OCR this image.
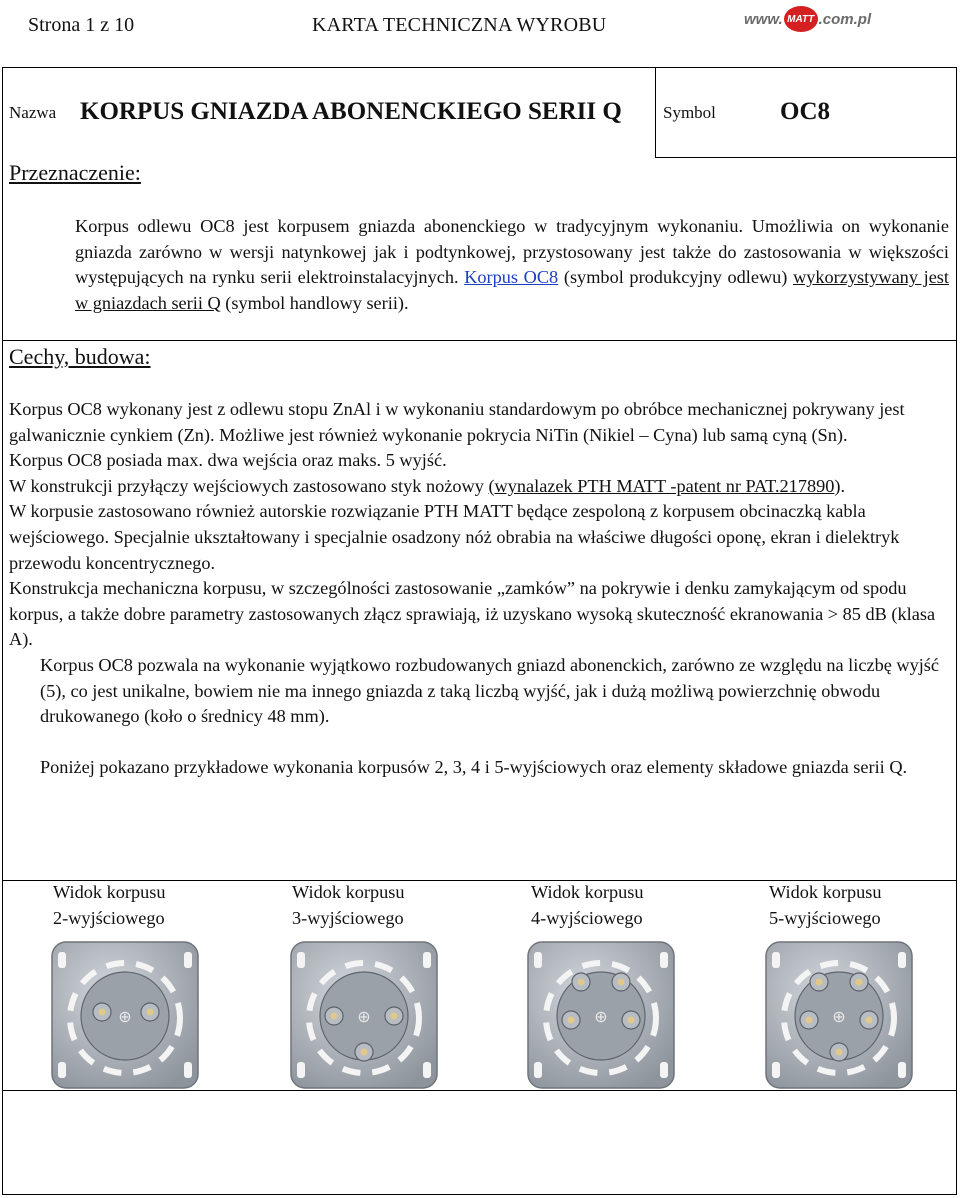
Strona 1 z 10	KARTA TECHNICZNA WYROBU	www. MATT .com.pl
Nazwa KORPUS GNIAZDA ABONENCKIEGO SERII Q Symbol	OC8
Przeznaczenie:

Korpus odlewu OC8 jest korpusem gniazda abonenckiego w tradycyjnym wykonaniu. Umożliwia on wykonanie gniazda zarówno w wersji natynkowej jak i podtynkowej, przystosowany jest także do zastosowania w większości występujących na rynku serii elektroinstalacyjnych. Korpus OC8 (symbol produkcyjny odlewu) wykorzystywany jest w gniazdach serii Q (symbol handlowy serii).

Cechy, budowa:

Korpus OC8 wykonany jest z odlewu stopu ZnAl i w wykonaniu standardowym po obróbce mechanicznej pokrywany jest galwanicznie cynkiem (Zn). Możliwe jest również wykonanie pokrycia NiTin (Nikiel – Cyna) lub samą cyną (Sn).

Korpus OC8 posiada max. dwa wejścia oraz maks. 5 wyjść.

W konstrukcji przyłączy wejściowych zastosowano styk nożowy (wynalazek PTH MATT -patent nr PAT.217890).

W korpusie zastosowano również autorskie rozwiązanie PTH MATT będące zespoloną z korpusem obcinaczką kabla wejściowego. Specjalnie ukształtowany i specjalnie osadzony nóż obrabia na właściwe długości oponę, ekran i dielektryk przewodu koncentrycznego.

Konstrukcja mechaniczna korpusu, w szczególności zastosowanie „zamków” na pokrywie i denku zamykającym od spodu korpus, a także dobre parametry zastosowanych złącz sprawiają, iż uzyskano wysoką skuteczność ekranowania > 85 dB (klasa A).

Korpus OC8 pozwala na wykonanie wyjątkowo rozbudowanych gniazd abonenckich, zarówno ze względu na liczbę wyjść (5), co jest unikalne, bowiem nie ma innego gniazda z taką liczbą wyjść, jak i dużą możliwą powierzchnię obwodu drukowanego (koło o średnicy 48 mm).

Poniżej pokazano przykładowe wykonania korpusów 2, 3, 4 i 5-wyjściowych oraz elementy składowe gniazda serii Q.

Widok korpusu
2-wyjściowego
Widok korpusu
3-wyjściowego
Widok korpusu
4-wyjściowego
Widok korpusu
5-wyjściowego
⊕	⊕	⊕	⊕
